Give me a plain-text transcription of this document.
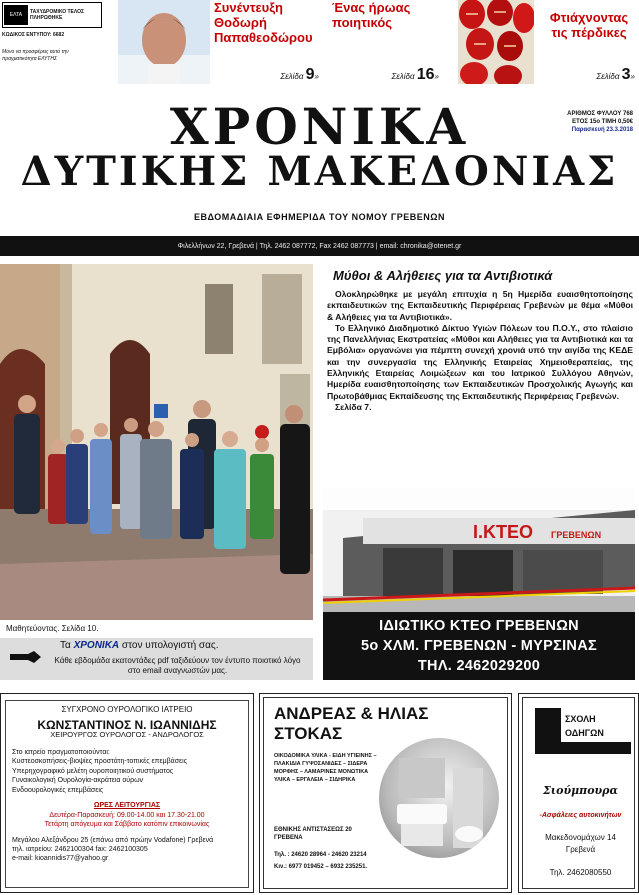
ΕΛΤΑ	ΤΑΧΥΔΡΟΜΙΚΟ ΤΕΛΟΣ ΠΛΗΡΩΘΗΚΕ
ΚΩΔΙΚΟΣ ΕΝΤΥΠΟΥ: 6682
Μόνο να προσφέρεις αυτό την πραγματικότητα ΕΛΥΤΗΣ
Συνέντευξη Θοδωρή Παπαθεοδώρου
Σελίδα 9»
Ένας ήρωας ποιητικός
Σελίδα 16»
Φτιάχνοντας τις πέρδικες
Σελίδα 3»
ΧΡΟΝΙΚΑ
ΔΥΤΙΚΗΣ ΜΑΚΕΔΟΝΙΑΣ
ΕΒΔΟΜΑΔΙΑΙΑ ΕΦΗΜΕΡΙΔΑ ΤΟΥ ΝΟΜΟΥ ΓΡΕΒΕΝΩΝ
ΑΡΙΘΜΟΣ ΦΥΛΛΟΥ 768
ΕΤΟΣ 15ο ΤΙΜΗ 0,50€
Παρασκευή 23.3.2018
Φιλελλήνων 22, Γρεβενά | Τηλ. 2462 087772, Fax 2462 087773 | email: chronika@otenet.gr
Μαθητεύοντας. Σελίδα 10.
Τα ΧΡΟΝΙΚΑ στον υπολογιστή σας.
Κάθε εβδομάδα εκατοντάδες pdf ταξιδεύουν τον έντυπο ποιοτικό λόγο στο email αναγνωστών μας.
Μύθοι & Αλήθειες για τα Αντιβιοτικά

Ολοκληρώθηκε με μεγάλη επιτυχία η 5η Ημερίδα ευαισθητοποίησης εκπαιδευτικών της Εκπαιδευτικής Περιφέρειας Γρεβενών με θέμα «Μύθοι & Αλήθειες για τα Αντιβιοτικά».

Το Ελληνικό Διαδημοτικό Δίκτυο Υγιών Πόλεων του Π.Ο.Υ., στο πλαίσιο της Πανελλήνιας Εκστρατείας «Μύθοι και Αλήθειες για τα Αντιβιοτικά και τα Εμβόλια» οργανώνει για πέμπτη συνεχή χρονιά υπό την αιγίδα της ΚΕΔΕ και την συνεργασία της Ελληνικής Εταιρείας Χημειοθεραπείας, της Ελληνικής Εταιρείας Λοιμώξεων και του Ιατρικού Συλλόγου Αθηνών, Ημερίδα ευαισθητοποίησης των Εκπαιδευτικών Προσχολικής Αγωγής και Πρωτοβάθμιας Εκπαίδευσης της Εκπαιδευτικής Περιφέρειας Γρεβενών.

Σελίδα 7.

Ι.ΚΤΕΟ ΓΡΕΒΕΝΩΝ
ΙΔΙΩΤΙΚΟ ΚΤΕΟ ΓΡΕΒΕΝΩΝ
5ο ΧΛΜ. ΓΡΕΒΕΝΩΝ - ΜΥΡΣΙΝΑΣ
ΤΗΛ. 2462029200
ΣΥΓΧΡΟΝΟ ΟΥΡΟΛΟΓΙΚΟ ΙΑΤΡΕΙΟ
ΚΩΝΣΤΑΝΤΙΝΟΣ Ν. ΙΩΑΝΝΙΔΗΣ
ΧΕΙΡΟΥΡΓΟΣ ΟΥΡΟΛΟΓΟΣ - ΑΝΔΡΟΛΟΓΟΣ
Στο ιατρείο πραγματοποιούνται:
Κυστεοσκοπήσεις-βιοψίες προστάτη-τοπικές επεμβάσεις
Υπερηχογραφικό μελέτη ουροποιητικού συστήματος
Γυναικολογική Ουρολογία-ακράτεια ούρων
Ενδοουρολογικές επεμβάσεις
ΩΡΕΣ ΛΕΙΤΟΥΡΓΙΑΣ
Δευτέρα-Παρασκευή: 09.00-14.00 και 17.30-21.00
Τετάρτη απόγευμα και Σάββατο κατόπιν επικοινωνίας
Μεγάλου Αλεξάνδρου 25 (επάνω από πρώην Vodafone) Γρεβενά
τηλ. ιατρείου: 2462100304 fax: 2462100305
e-mail: kioannidis77@yahoo.gr
ΑΝΔΡΕΑΣ & ΗΛΙΑΣ
ΣΤΟΚΑΣ
ΟΙΚΟΔΟΜΙΚΑ ΥΛΙΚΑ - ΕΙΔΗ ΥΓΙΕΙΝΗΣ – ΠΛΑΚΙΔΙΑ ΓΥΨΟΣΑΝΙΔΕΣ – ΣΙΔΕΡΑ ΜΟΡΦΗΣ – ΛΑΜΑΡΙΝΕΣ ΜΟΝΩΤΙΚΑ ΥΛΙΚΑ – ΕΡΓΑΛΕΙΑ – ΣΙΔΗΡΙΚΑ
ΕΘΝΙΚΗΣ ΑΝΤΙΣΤΑΣΕΩΣ 20
ΓΡΕΒΕΝΑ
Τηλ. : 24620 28964 - 24620 23214
Κιν.: 6977 019452 – 6932 235251.
ΣΧΟΛΗ
ΟΔΗΓΩΝ
Σιούμπουρα
-Ασφάλειες αυτοκινήτων
Μακεδονομάχων 14
Γρεβενά
Τηλ. 2462080550
